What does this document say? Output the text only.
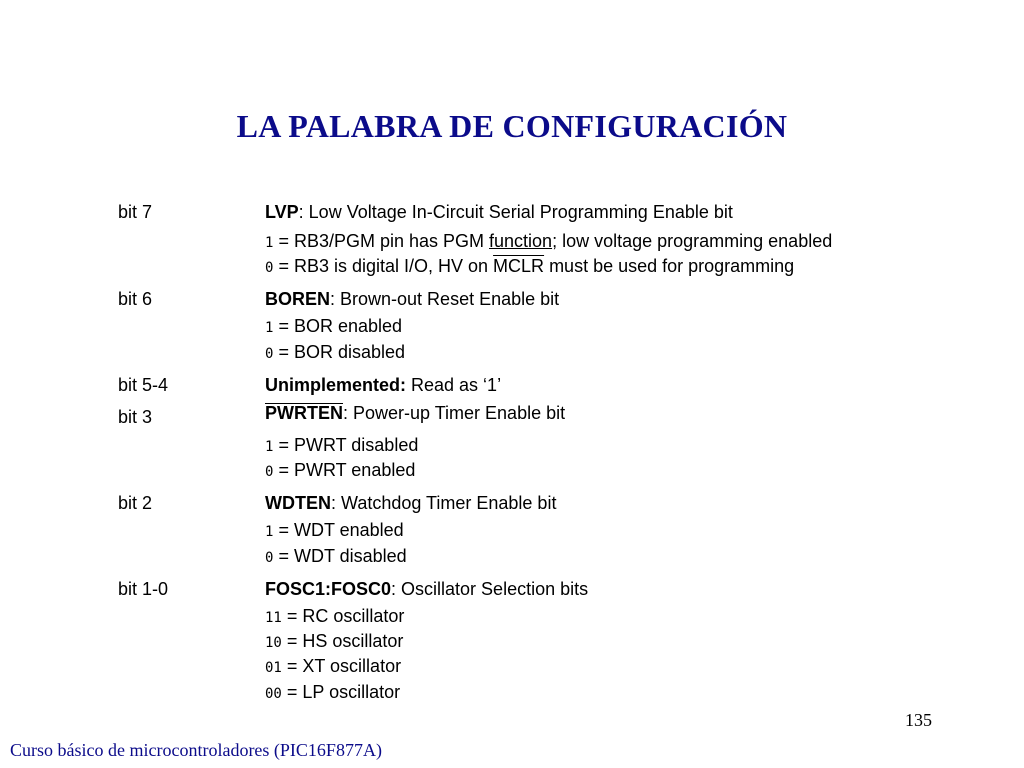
LA PALABRA DE CONFIGURACIÓN
bit 7	LVP: Low Voltage In-Circuit Serial Programming Enable bit
1 = RB3/PGM pin has PGM function; low voltage programming enabled
0 = RB3 is digital I/O, HV on MCLR must be used for programming
bit 6	BOREN: Brown-out Reset Enable bit
1 = BOR enabled
0 = BOR disabled
bit 5-4	Unimplemented: Read as ‘1’
bit 3	PWRTEN: Power-up Timer Enable bit
1 = PWRT disabled
0 = PWRT enabled
bit 2	WDTEN: Watchdog Timer Enable bit
1 = WDT enabled
0 = WDT disabled
bit 1-0	FOSC1:FOSC0: Oscillator Selection bits
11 = RC oscillator
10 = HS oscillator
01 = XT oscillator
00 = LP oscillator
135
Curso básico de microcontroladores (PIC16F877A)
